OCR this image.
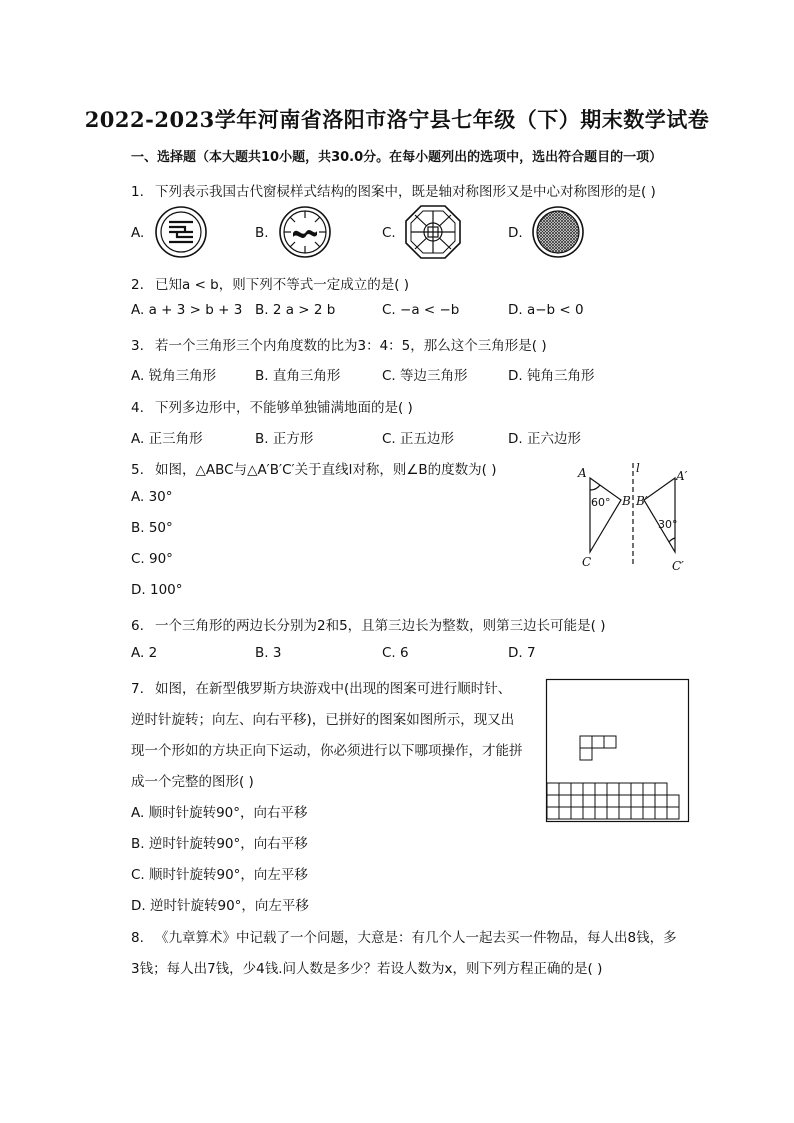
2022-2023学年河南省洛阳市洛宁县七年级（下）期末数学试卷
一、选择题（本大题共10小题，共30.0分。在每小题列出的选项中，选出符合题目的一项）
1. 下列表示我国古代窗棂样式结构的图案中，既是轴对称图形又是中心对称图形的是( )
A.	B.	C.	D.
2. 已知a < b，则下列不等式一定成立的是( )
A. a + 3 > b + 3 B. 2 a > 2 b	C. −a < −b	D. a−b < 0
3. 若一个三角形三个内角度数的比为3：4：5，那么这个三角形是( )
A. 锐角三角形	B. 直角三角形	C. 等边三角形	D. 钝角三角形
4. 下列多边形中，不能够单独铺满地面的是( )
A. 正三角形	B. 正方形	C. 正五边形	D. 正六边形
5. 如图，△ABC与△A′B′C′关于直线l对称，则∠B的度数为( )
A. 30°
B. 50°
C. 90°
D. 100°
A
B
C
l
A′
B′
C′
60°
30°
6. 一个三角形的两边长分别为2和5，且第三边长为整数，则第三边长可能是( )
A. 2	B. 3	C. 6	D. 7
7. 如图，在新型俄罗斯方块游戏中(出现的图案可进行顺时针、
逆时针旋转；向左、向右平移)，已拼好的图案如图所示，现又出
现一个形如的方块正向下运动，你必须进行以下哪项操作，才能拼
成一个完整的图形( )
A. 顺时针旋转90°，向右平移
B. 逆时针旋转90°，向右平移
C. 顺时针旋转90°，向左平移
D. 逆时针旋转90°，向左平移
8. 《九章算术》中记载了一个问题，大意是：有几个人一起去买一件物品，每人出8钱，多
3钱；每人出7钱，少4钱.问人数是多少？若设人数为x，则下列方程正确的是( )
